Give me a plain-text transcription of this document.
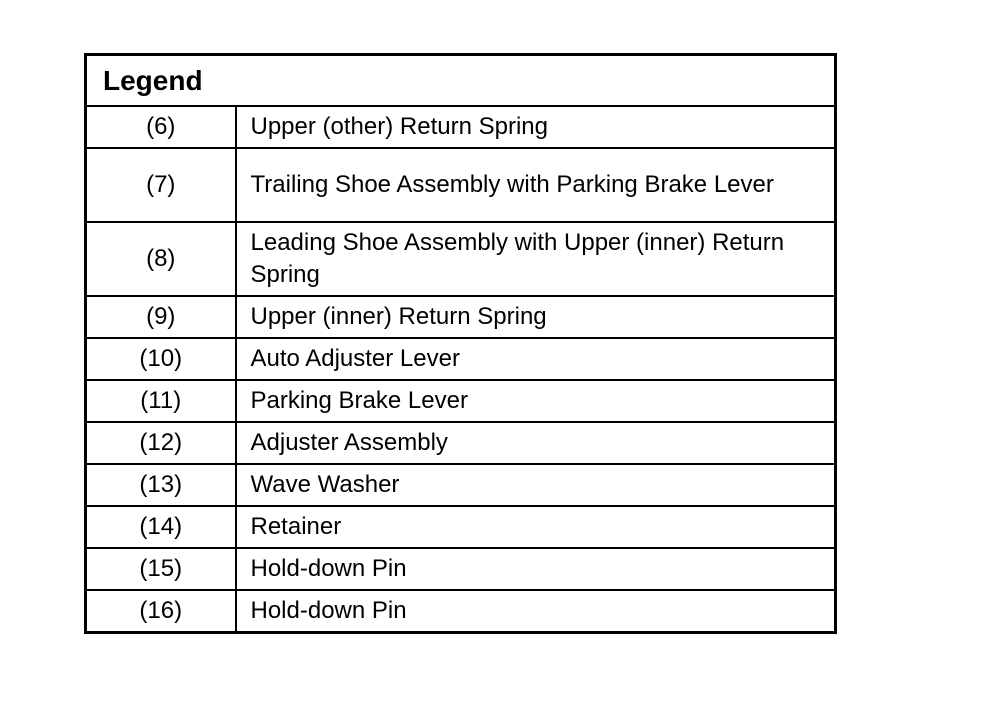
Legend	
(6)	Upper (other) Return Spring
(7)	Trailing Shoe Assembly with Parking Brake Lever
(8)	Leading Shoe Assembly with Upper (inner) Return Spring
(9)	Upper (inner) Return Spring
(10)	Auto Adjuster Lever
(11)	Parking Brake Lever
(12)	Adjuster Assembly
(13)	Wave Washer
(14)	Retainer
(15)	Hold-down Pin
(16)	Hold-down Pin
